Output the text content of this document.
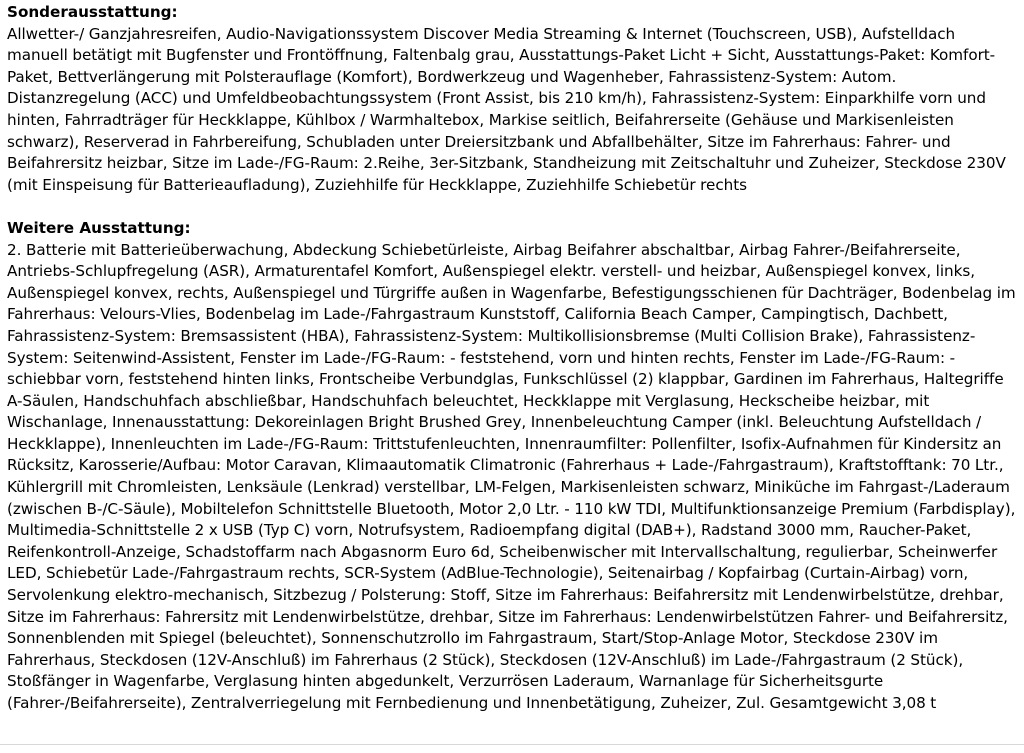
Sonderausstattung:

Allwetter-/ Ganzjahresreifen, Audio-Navigationssystem Discover Media Streaming & Internet (Touchscreen, USB), Aufstelldach manuell betätigt mit Bugfenster und Frontöffnung, Faltenbalg grau, Ausstattungs-Paket Licht + Sicht, Ausstattungs-Paket: Komfort-Paket, Bettverlängerung mit Polsterauflage (Komfort), Bordwerkzeug und Wagenheber, Fahrassistenz-System: Autom. Distanzregelung (ACC) und Umfeldbeobachtungssystem (Front Assist, bis 210 km/h), Fahrassistenz-System: Einparkhilfe vorn und hinten, Fahrradträger für Heckklappe, Kühlbox / Warmhaltebox, Markise seitlich, Beifahrerseite (Gehäuse und Markisenleisten schwarz), Reserverad in Fahrbereifung, Schubladen unter Dreiersitzbank und Abfallbehälter, Sitze im Fahrerhaus: Fahrer- und Beifahrersitz heizbar, Sitze im Lade-/FG-Raum: 2.Reihe, 3er-Sitzbank, Standheizung mit Zeitschaltuhr und Zuheizer, Steckdose 230V (mit Einspeisung für Batterieaufladung), Zuziehhilfe für Heckklappe, Zuziehhilfe Schiebetür rechts

Weitere Ausstattung:

2. Batterie mit Batterieüberwachung, Abdeckung Schiebetürleiste, Airbag Beifahrer abschaltbar, Airbag Fahrer-/Beifahrerseite, Antriebs-Schlupfregelung (ASR), Armaturentafel Komfort, Außenspiegel elektr. verstell- und heizbar, Außenspiegel konvex, links, Außenspiegel konvex, rechts, Außenspiegel und Türgriffe außen in Wagenfarbe, Befestigungsschienen für Dachträger, Bodenbelag im Fahrerhaus: Velours-Vlies, Bodenbelag im Lade-/Fahrgastraum Kunststoff, California Beach Camper, Campingtisch, Dachbett, Fahrassistenz-System: Bremsassistent (HBA), Fahrassistenz-System: Multikollisionsbremse (Multi Collision Brake), Fahrassistenz-System: Seitenwind-Assistent, Fenster im Lade-/FG-Raum: - feststehend, vorn und hinten rechts, Fenster im Lade-/FG-Raum: - schiebbar vorn, feststehend hinten links, Frontscheibe Verbundglas, Funkschlüssel (2) klappbar, Gardinen im Fahrerhaus, Haltegriffe A-Säulen, Handschuhfach abschließbar, Handschuhfach beleuchtet, Heckklappe mit Verglasung, Heckscheibe heizbar, mit Wischanlage, Innenausstattung: Dekoreinlagen Bright Brushed Grey, Innenbeleuchtung Camper (inkl. Beleuchtung Aufstelldach / Heckklappe), Innenleuchten im Lade-/FG-Raum: Trittstufenleuchten, Innenraumfilter: Pollenfilter, Isofix-Aufnahmen für Kindersitz an Rücksitz, Karosserie/Aufbau: Motor Caravan, Klimaautomatik Climatronic (Fahrerhaus + Lade-/Fahrgastraum), Kraftstofftank: 70 Ltr., Kühlergrill mit Chromleisten, Lenksäule (Lenkrad) verstellbar, LM-Felgen, Markisenleisten schwarz, Miniküche im Fahrgast-/Laderaum (zwischen B-/C-Säule), Mobiltelefon Schnittstelle Bluetooth, Motor 2,0 Ltr. - 110 kW TDI, Multifunktionsanzeige Premium (Farbdisplay), Multimedia-Schnittstelle 2 x USB (Typ C) vorn, Notrufsystem, Radioempfang digital (DAB+), Radstand 3000 mm, Raucher-Paket, Reifenkontroll-Anzeige, Schadstoffarm nach Abgasnorm Euro 6d, Scheibenwischer mit Intervallschaltung, regulierbar, Scheinwerfer LED, Schiebetür Lade-/Fahrgastraum rechts, SCR-System (AdBlue-Technologie), Seitenairbag / Kopfairbag (Curtain-Airbag) vorn, Servolenkung elektro-mechanisch, Sitzbezug / Polsterung: Stoff, Sitze im Fahrerhaus: Beifahrersitz mit Lendenwirbelstütze, drehbar, Sitze im Fahrerhaus: Fahrersitz mit Lendenwirbelstütze, drehbar, Sitze im Fahrerhaus: Lendenwirbelstützen Fahrer- und Beifahrersitz, Sonnenblenden mit Spiegel (beleuchtet), Sonnenschutzrollo im Fahrgastraum, Start/Stop-Anlage Motor, Steckdose 230V im Fahrerhaus, Steckdosen (12V-Anschluß) im Fahrerhaus (2 Stück), Steckdosen (12V-Anschluß) im Lade-/Fahrgastraum (2 Stück), Stoßfänger in Wagenfarbe, Verglasung hinten abgedunkelt, Verzurrösen Laderaum, Warnanlage für Sicherheitsgurte (Fahrer-/Beifahrerseite), Zentralverriegelung mit Fernbedienung und Innenbetätigung, Zuheizer, Zul. Gesamtgewicht 3,08 t
